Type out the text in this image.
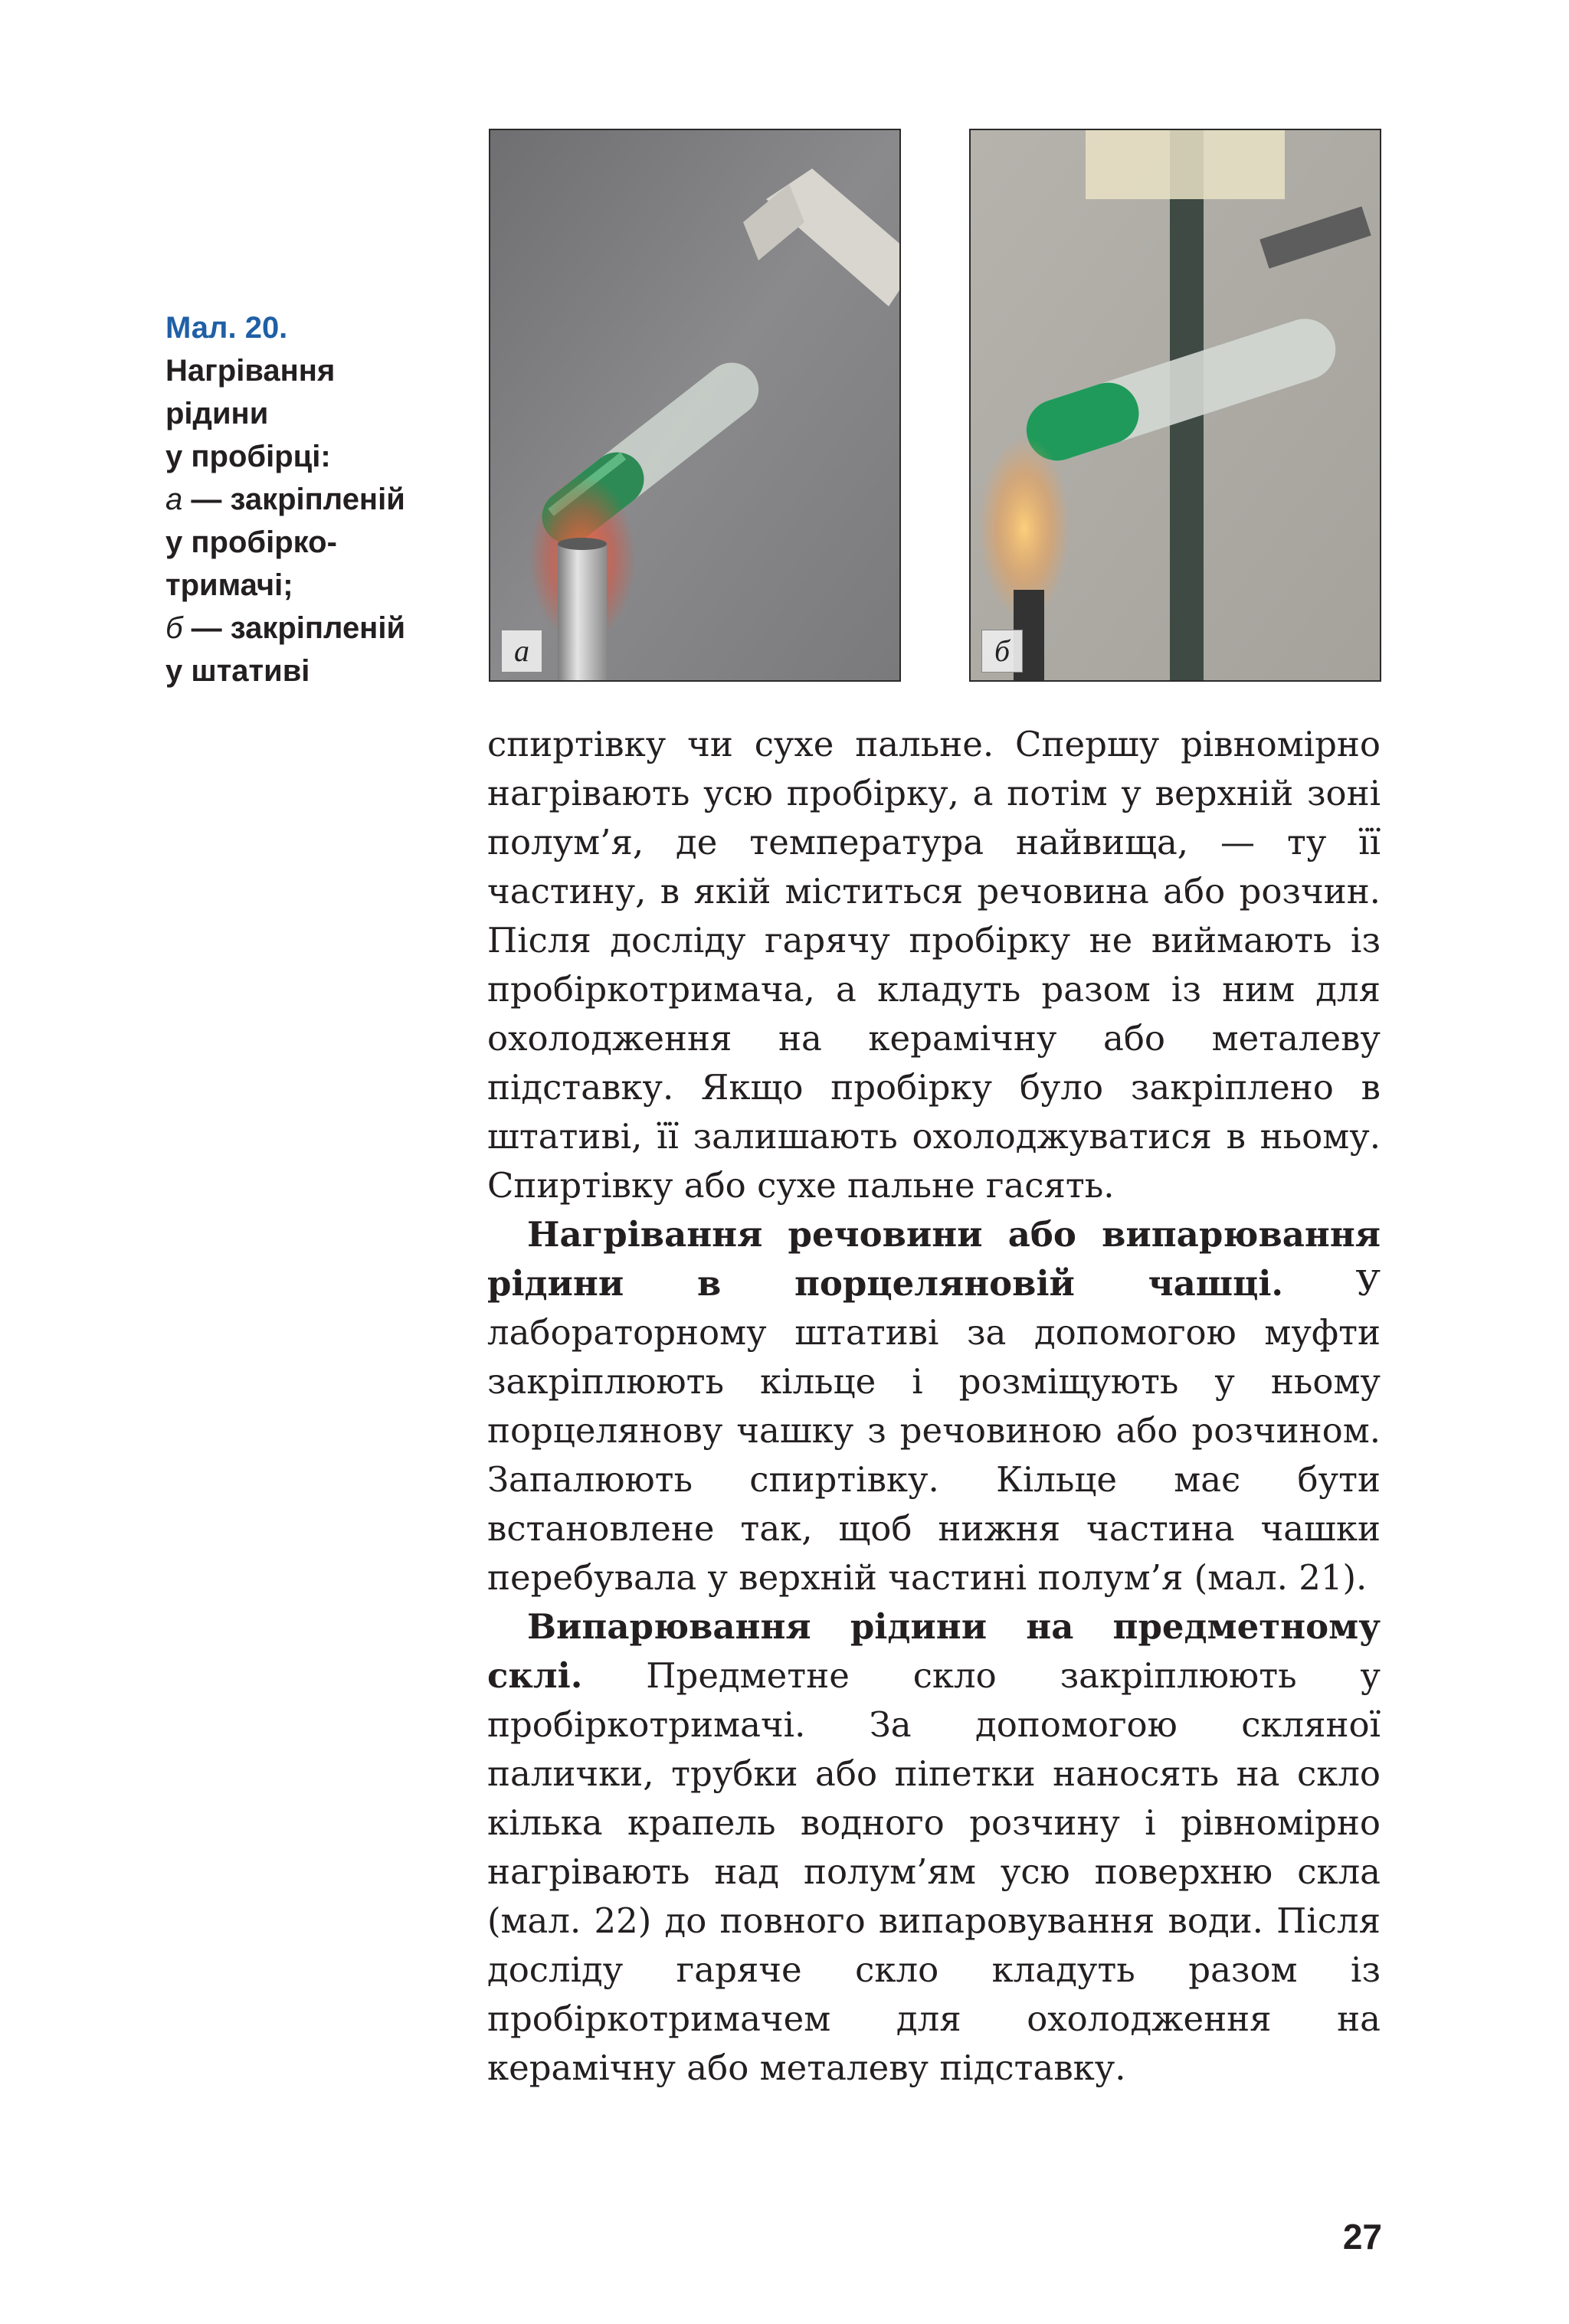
Мал. 20.
Нагрівання
рідини
у пробірці:
а — закріпленій
у пробірко-
тримачі;
б — закріпленій
у штативі
а	б

спиртівку чи сухе пальне. Спершу рівномірно нагрівають усю пробірку, а потім у верхній зоні полум’я, де температура найвища, — ту її частину, в якій міститься речовина або розчин. Після досліду гарячу пробірку не виймають із пробіркотримача, а кладуть разом із ним для охолодження на керамічну або металеву підставку. Якщо пробірку було закріплено в штативі, її залишають охолоджуватися в ньому. Спиртівку або сухе пальне гасять.

Нагрівання речовини або випарювання рідини в порцеляновій чашці. У лабораторному штативі за допомогою муфти закріплюють кільце і розміщують у ньому порцелянову чашку з речовиною або розчином. Запалюють спиртівку. Кільце має бути встановлене так, щоб нижня частина чашки перебувала у верхній частині полум’я (мал. 21).

Випарювання рідини на предметному склі. Предметне скло закріплюють у пробіркотримачі. За допомогою скляної палички, трубки або піпетки наносять на скло кілька крапель водного розчину і рівномірно нагрівають над полум’ям усю поверхню скла (мал. 22) до повного випаровування води. Після досліду гаряче скло кладуть разом із пробіркотримачем для охолодження на керамічну або металеву підставку.

27
